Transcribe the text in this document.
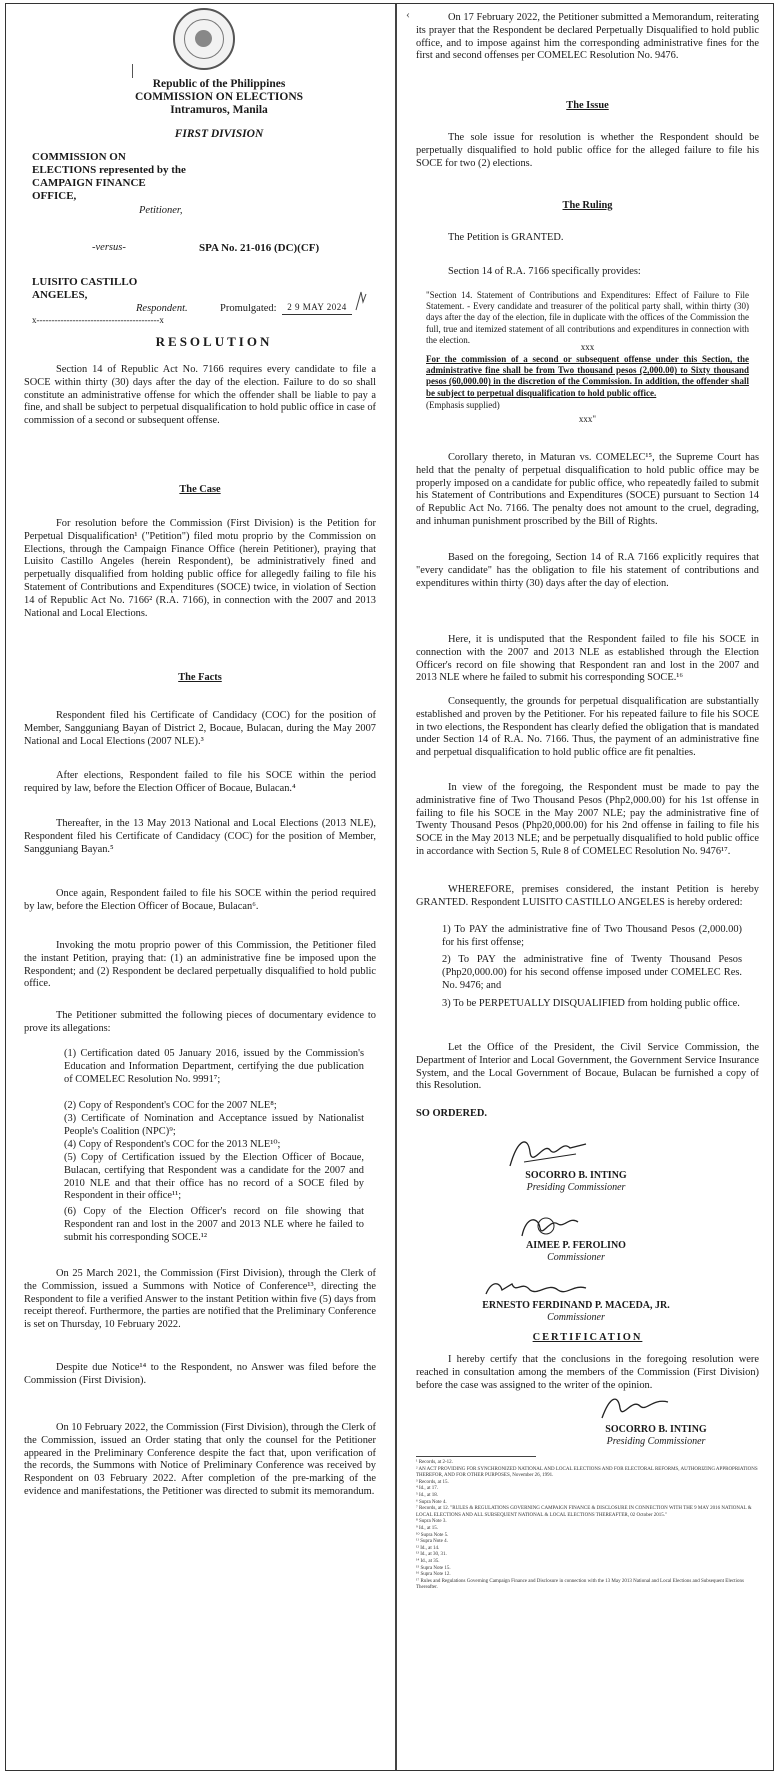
Republic of the Philippines
COMMISSION ON ELECTIONS
Intramuros, Manila
FIRST DIVISION
COMMISSION ON
ELECTIONS represented by the
CAMPAIGN FINANCE
OFFICE,
Petitioner,
-versus-	SPA No. 21-016 (DC)(CF)
LUISITO CASTILLO
ANGELES,
Respondent.	Promulgated:	2 9 MAY 2024
x-----------------------------------------x
RESOLUTION

Section 14 of Republic Act No. 7166 requires every candidate to file a SOCE within thirty (30) days after the day of the election. Failure to do so shall constitute an administrative offense for which the offender shall be liable to pay a fine, and shall be subject to perpetual disqualification to hold public office in case of commission of a second or subsequent offense.

The Case

For resolution before the Commission (First Division) is the Petition for Perpetual Disqualification¹ ("Petition") filed motu proprio by the Commission on Elections, through the Campaign Finance Office (herein Petitioner), praying that Luisito Castillo Angeles (herein Respondent), be administratively fined and perpetually disqualified from holding public office for allegedly failing to file his Statement of Contributions and Expenditures (SOCE) twice, in violation of Section 14 of Republic Act No. 7166² (R.A. 7166), in connection with the 2007 and 2013 National and Local Elections.

The Facts

Respondent filed his Certificate of Candidacy (COC) for the position of Member, Sangguniang Bayan of District 2, Bocaue, Bulacan, during the May 2007 National and Local Elections (2007 NLE).³

After elections, Respondent failed to file his SOCE within the period required by law, before the Election Officer of Bocaue, Bulacan.⁴

Thereafter, in the 13 May 2013 National and Local Elections (2013 NLE), Respondent filed his Certificate of Candidacy (COC) for the position of Member, Sangguniang Bayan.⁵

Once again, Respondent failed to file his SOCE within the period required by law, before the Election Officer of Bocaue, Bulacan⁶.

Invoking the motu proprio power of this Commission, the Petitioner filed the instant Petition, praying that: (1) an administrative fine be imposed upon the Respondent; and (2) Respondent be declared perpetually disqualified to hold public office.

The Petitioner submitted the following pieces of documentary evidence to prove its allegations:

(1) Certification dated 05 January 2016, issued by the Commission's Education and Information Department, certifying the due publication of COMELEC Resolution No. 9991⁷;
(2) Copy of Respondent's COC for the 2007 NLE⁸;
(3) Certificate of Nomination and Acceptance issued by Nationalist People's Coalition (NPC)⁹;
(4) Copy of Respondent's COC for the 2013 NLE¹⁰;
(5) Copy of Certification issued by the Election Officer of Bocaue, Bulacan, certifying that Respondent was a candidate for the 2007 and 2010 NLE and that their office has no record of a SOCE filed by Respondent in their office¹¹;
(6) Copy of the Election Officer's record on file showing that Respondent ran and lost in the 2007 and 2013 NLE where he failed to submit his corresponding SOCE.¹²

On 25 March 2021, the Commission (First Division), through the Clerk of the Commission, issued a Summons with Notice of Conference¹³, directing the Respondent to file a verified Answer to the instant Petition within five (5) days from receipt thereof. Furthermore, the parties are notified that the Preliminary Conference is set on Thursday, 10 February 2022.

Despite due Notice¹⁴ to the Respondent, no Answer was filed before the Commission (First Division).

On 10 February 2022, the Commission (First Division), through the Clerk of the Commission, issued an Order stating that only the counsel for the Petitioner appeared in the Preliminary Conference despite the fact that, upon verification of the records, the Summons with Notice of Preliminary Conference was received by Respondent on 03 February 2022. After completion of the pre-marking of the evidence and manifestations, the Petitioner was directed to submit its memorandum.

‹	On 17 February 2022, the Petitioner submitted a Memorandum, reiterating its prayer that the Respondent be declared Perpetually Disqualified to hold public office, and to impose against him the corresponding administrative fines for the first and second offenses per COMELEC Resolution No. 9476.

The Issue

The sole issue for resolution is whether the Respondent should be perpetually disqualified to hold public office for the alleged failure to file his SOCE for two (2) elections.

The Ruling

The Petition is GRANTED.

Section 14 of R.A. 7166 specifically provides:

"Section 14. Statement of Contributions and Expenditures: Effect of Failure to File Statement. - Every candidate and treasurer of the political party shall, within thirty (30) days after the day of the election, file in duplicate with the offices of the Commission the full, true and itemized statement of all contributions and expenditures in connection with the election.

xxx

For the commission of a second or subsequent offense under this Section, the administrative fine shall be from Two thousand pesos (2,000.00) to Sixty thousand pesos (60,000.00) in the discretion of the Commission. In addition, the offender shall be subject to perpetual disqualification to hold public office.

(Emphasis supplied)
xxx"

Corollary thereto, in Maturan vs. COMELEC¹⁵, the Supreme Court has held that the penalty of perpetual disqualification to hold public office may be properly imposed on a candidate for public office, who repeatedly failed to submit his Statement of Contributions and Expenditures (SOCE) pursuant to Section 14 of Republic Act No. 7166. The penalty does not amount to the cruel, degrading, and inhuman punishment proscribed by the Bill of Rights.

Based on the foregoing, Section 14 of R.A 7166 explicitly requires that "every candidate" has the obligation to file his statement of contributions and expenditures within thirty (30) days after the day of election.

Here, it is undisputed that the Respondent failed to file his SOCE in connection with the 2007 and 2013 NLE as established through the Election Officer's record on file showing that Respondent ran and lost in the 2007 and 2013 NLE where he failed to submit his corresponding SOCE.¹⁶

Consequently, the grounds for perpetual disqualification are substantially established and proven by the Petitioner. For his repeated failure to file his SOCE in two elections, the Respondent has clearly defied the obligation that is mandated under Section 14 of R.A. No. 7166. Thus, the payment of an administrative fine and perpetual disqualification to hold public office are fit penalties.

In view of the foregoing, the Respondent must be made to pay the administrative fine of Two Thousand Pesos (Php2,000.00) for his 1st offense in failing to file his SOCE in the May 2007 NLE; pay the administrative fine of Twenty Thousand Pesos (Php20,000.00) for his 2nd offense in failing to file his SOCE in the May 2013 NLE; and be perpetually disqualified to hold public office in accordance with Section 5, Rule 8 of COMELEC Resolution No. 9476¹⁷.

WHEREFORE, premises considered, the instant Petition is hereby GRANTED. Respondent LUISITO CASTILLO ANGELES is hereby ordered:

1) To PAY the administrative fine of Two Thousand Pesos (2,000.00) for his first offense;
2) To PAY the administrative fine of Twenty Thousand Pesos (Php20,000.00) for his second offense imposed under COMELEC Res. No. 9476; and
3) To be PERPETUALLY DISQUALIFIED from holding public office.

Let the Office of the President, the Civil Service Commission, the Department of Interior and Local Government, the Government Service Insurance System, and the Local Government of Bocaue, Bulacan be furnished a copy of this Resolution.

SO ORDERED.
SOCORRO B. INTING
Presiding Commissioner
AIMEE P. FEROLINO
Commissioner
ERNESTO FERDINAND P. MACEDA, JR.
Commissioner
CERTIFICATION

I hereby certify that the conclusions in the foregoing resolution were reached in consultation among the members of the Commission (First Division) before the case was assigned to the writer of the opinion.

SOCORRO B. INTING
Presiding Commissioner
¹ Records, at 2-12.
² AN ACT PROVIDING FOR SYNCHRONIZED NATIONAL AND LOCAL ELECTIONS AND FOR ELECTORAL REFORMS, AUTHORIZING APPROPRIATIONS THEREFOR, AND FOR OTHER PURPOSES, November 26, 1991.
³ Records, at 15.
⁴ Id., at 17.
⁵ Id., at 18.
⁶ Supra Note 4.
⁷ Records, at 12. "RULES & REGULATIONS GOVERNING CAMPAIGN FINANCE & DISCLOSURE IN CONNECTION WITH THE 9 MAY 2016 NATIONAL & LOCAL ELECTIONS AND ALL SUBSEQUENT NATIONAL & LOCAL ELECTIONS THEREAFTER, 02 October 2015."
⁸ Supra Note 3.
⁹ Id., at 15.
¹⁰ Supra Note 5.
¹¹ Supra Note 4.
¹² Id., at 14.
¹³ Id., at 30, 31.
¹⁴ Id., at 35.
¹⁵ Supra Note 15.
¹⁶ Supra Note 12.
¹⁷ Rules and Regulations Governing Campaign Finance and Disclosure in connection with the 13 May 2013 National and Local Elections and Subsequent Elections Thereafter.
